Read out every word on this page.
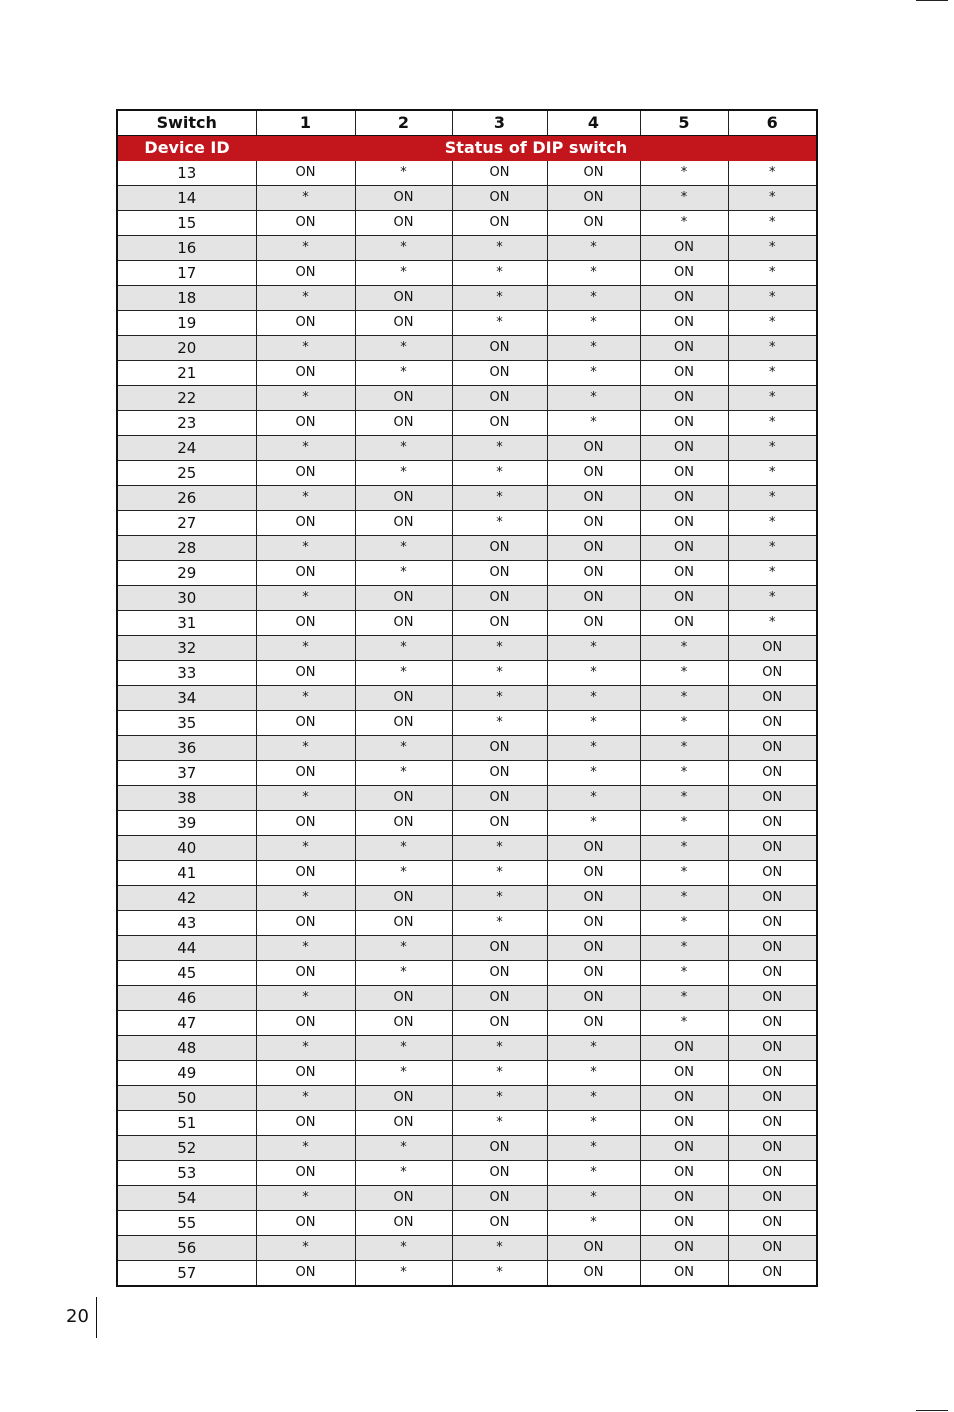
Switch	1	2	3	4	5	6
Device ID	Status of DIP switch					
13	ON	*	ON	ON	*	*
14	*	ON	ON	ON	*	*
15	ON	ON	ON	ON	*	*
16	*	*	*	*	ON	*
17	ON	*	*	*	ON	*
18	*	ON	*	*	ON	*
19	ON	ON	*	*	ON	*
20	*	*	ON	*	ON	*
21	ON	*	ON	*	ON	*
22	*	ON	ON	*	ON	*
23	ON	ON	ON	*	ON	*
24	*	*	*	ON	ON	*
25	ON	*	*	ON	ON	*
26	*	ON	*	ON	ON	*
27	ON	ON	*	ON	ON	*
28	*	*	ON	ON	ON	*
29	ON	*	ON	ON	ON	*
30	*	ON	ON	ON	ON	*
31	ON	ON	ON	ON	ON	*
32	*	*	*	*	*	ON
33	ON	*	*	*	*	ON
34	*	ON	*	*	*	ON
35	ON	ON	*	*	*	ON
36	*	*	ON	*	*	ON
37	ON	*	ON	*	*	ON
38	*	ON	ON	*	*	ON
39	ON	ON	ON	*	*	ON
40	*	*	*	ON	*	ON
41	ON	*	*	ON	*	ON
42	*	ON	*	ON	*	ON
43	ON	ON	*	ON	*	ON
44	*	*	ON	ON	*	ON
45	ON	*	ON	ON	*	ON
46	*	ON	ON	ON	*	ON
47	ON	ON	ON	ON	*	ON
48	*	*	*	*	ON	ON
49	ON	*	*	*	ON	ON
50	*	ON	*	*	ON	ON
51	ON	ON	*	*	ON	ON
52	*	*	ON	*	ON	ON
53	ON	*	ON	*	ON	ON
54	*	ON	ON	*	ON	ON
55	ON	ON	ON	*	ON	ON
56	*	*	*	ON	ON	ON
57	ON	*	*	ON	ON	ON
20
